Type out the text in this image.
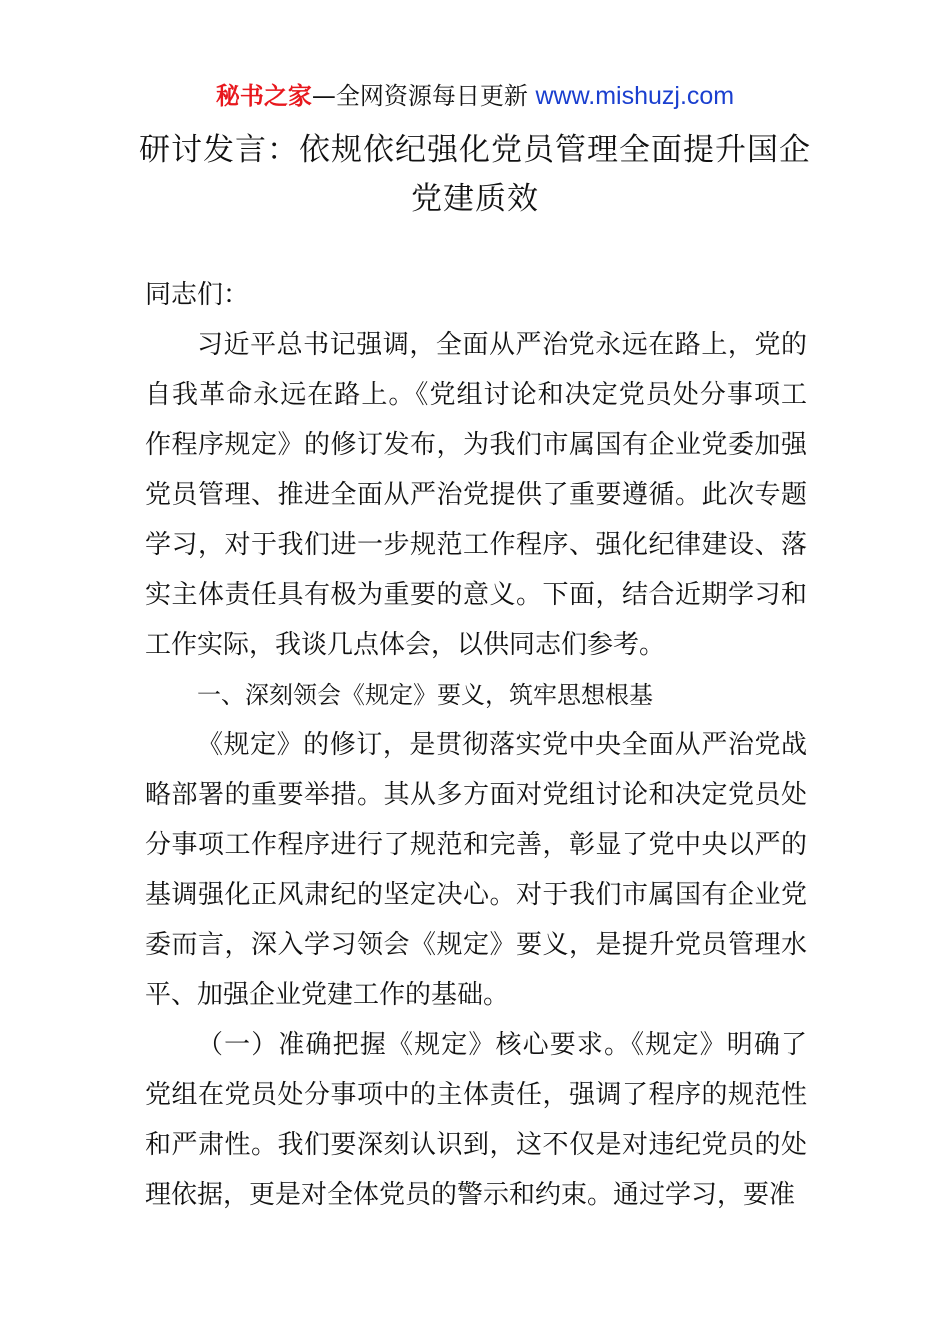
秘书之家—全网资源每日更新 www.mishuzj.com
研讨发言：依规依纪强化党员管理全面提升国企党建质效

同志们：

习近平总书记强调，全面从严治党永远在路上，党的自我革命永远在路上。《党组讨论和决定党员处分事项工作程序规定》的修订发布，为我们市属国有企业党委加强党员管理、推进全面从严治党提供了重要遵循。此次专题学习，对于我们进一步规范工作程序、强化纪律建设、落实主体责任具有极为重要的意义。下面，结合近期学习和工作实际，我谈几点体会，以供同志们参考。

一、深刻领会《规定》要义，筑牢思想根基

《规定》的修订，是贯彻落实党中央全面从严治党战略部署的重要举措。其从多方面对党组讨论和决定党员处分事项工作程序进行了规范和完善，彰显了党中央以严的基调强化正风肃纪的坚定决心。对于我们市属国有企业党委而言，深入学习领会《规定》要义，是提升党员管理水平、加强企业党建工作的基础。

（一）准确把握《规定》核心要求。《规定》明确了党组在党员处分事项中的主体责任，强调了程序的规范性和严肃性。我们要深刻认识到，这不仅是对违纪党员的处理依据，更是对全体党员的警示和约束。通过学习，要准
